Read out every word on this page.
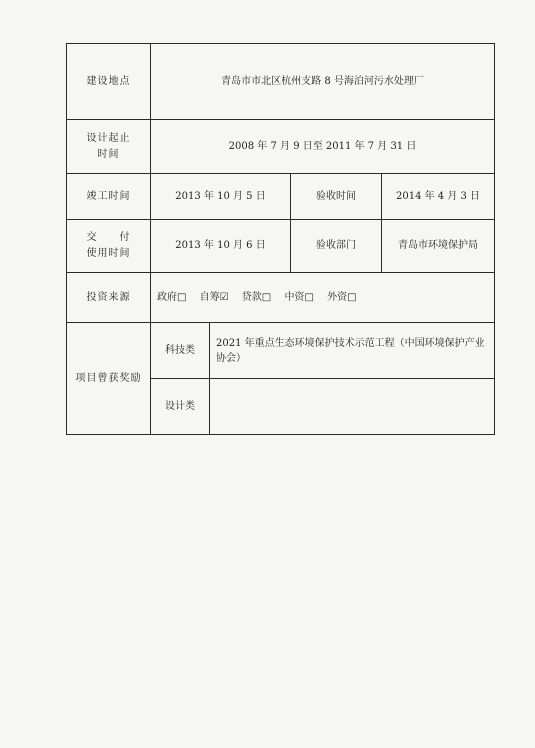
建设地点	青岛市市北区杭州支路 8 号海泊河污水处理厂			

设计起止
时间	2008 年 7 月 9 日至 2011 年 7 月 31 日			
竣工时间	2013 年 10 月 5 日		验收时间	2014 年 4 月 3 日

交　　付
使用时间	2013 年 10 月 6 日		验收部门	青岛市环境保护局
投资来源	政府□ 自筹☑ 贷款□ 中资□ 外资□			
项目曾获奖励	科技类	2021 年重点生态环境保护技术示范工程（中国环境保护产业协会）		
	设计类			
